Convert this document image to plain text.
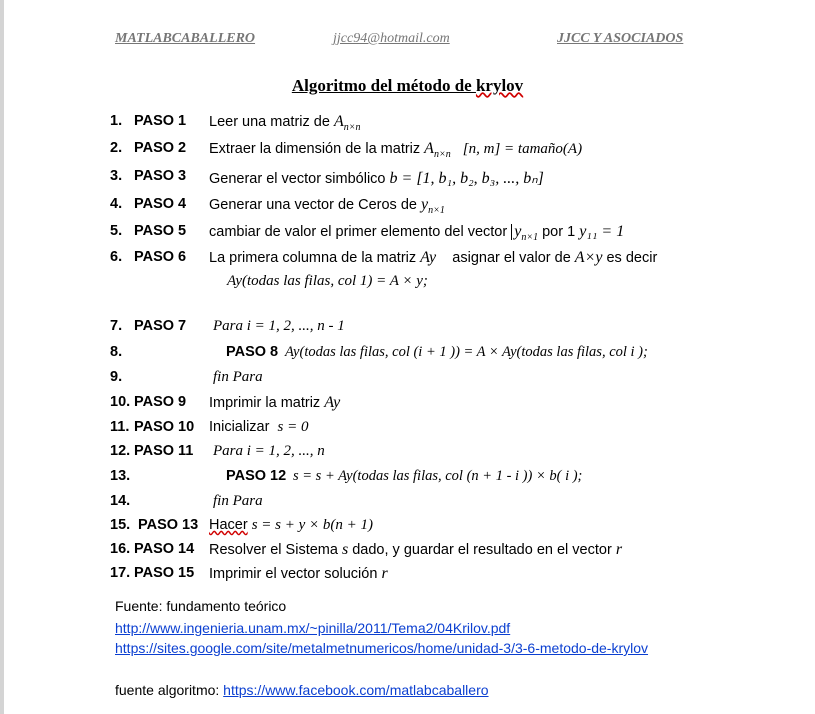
MATLABCABALLERO	jjcc94@hotmail.com	JJCC Y ASOCIADOS
Algoritmo del método de krylov
1. PASO 1 Leer una matriz de $A_{n\times n}$
2. PASO 2 Extraer la dimensión de la matriz $A_{n\times n}$ [n, m] = tamaño(A)
3. PASO 3 Generar el vector simbólico b = [1, b₁, b₂, b₃, ..., bₙ]
4. PASO 4 Generar una vector de Ceros de $y_{n\times 1}$
5. PASO 5 cambiar de valor el primer elemento del vector $y_{n\times 1}$ por 1 y₁₁ = 1
6. PASO 6 La primera columna de la matriz Ay asignar el valor de A×y es decir
Ay(todas las filas, col 1) = A × y;
7. PASO 7 Para i = 1, 2, ..., n - 1
8.	PASO 8 Ay(todas las filas, col (i + 1 )) = A × Ay(todas las filas, col i );
9.	fin Para
10. PASO 9 Imprimir la matriz Ay
11. PASO 10 Inicializar  s = 0
12. PASO 11 Para i = 1, 2, ..., n
13.	PASO 12 s = s + Ay(todas las filas, col (n + 1 - i )) × b( i );
14.	fin Para
15. PASO 13 Hacer s = s + y × b(n + 1)
16. PASO 14 Resolver el Sistema s dado, y guardar el resultado en el vector r
17. PASO 15 Imprimir el vector solución r
Fuente: fundamento teórico
http://www.ingenieria.unam.mx/~pinilla/2011/Tema2/04Krilov.pdf
https://sites.google.com/site/metalmetnumericos/home/unidad-3/3-6-metodo-de-krylov
fuente algoritmo: https://www.facebook.com/matlabcaballero
